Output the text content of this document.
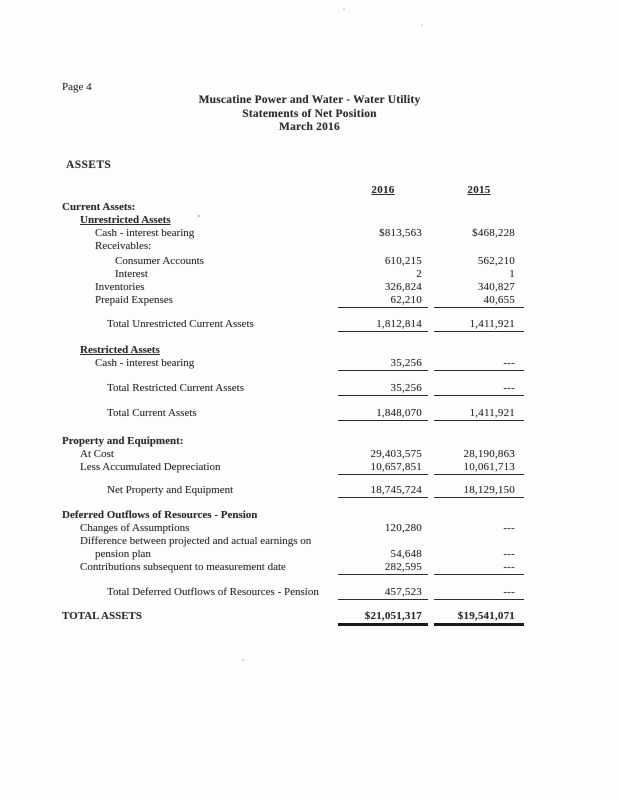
Page 4
Muscatine Power and Water - Water Utility
Statements of Net Position
March 2016
ASSETS
2016	2015
Current Assets:
Unrestricted Assets
Cash - interest bearing	$813,563	$468,228
Receivables:
Consumer Accounts	610,215	562,210
Interest	2	1
Inventories	326,824	340,827
Prepaid Expenses	62,210	40,655
Total Unrestricted Current Assets	1,812,814	1,411,921
Restricted Assets
Cash - interest bearing	35,256	---
Total Restricted Current Assets	35,256	---
Total Current Assets	1,848,070	1,411,921
Property and Equipment:
At Cost	29,403,575	28,190,863
Less Accumulated Depreciation	10,657,851	10,061,713
Net Property and Equipment	18,745,724	18,129,150
Deferred Outflows of Resources - Pension
Changes of Assumptions	120,280	---
Difference between projected and actual earnings on
pension plan	54,648	---
Contributions subsequent to measurement date	282,595	---
Total Deferred Outflows of Resources - Pension	457,523	---
TOTAL ASSETS	$21,051,317	$19,541,071
